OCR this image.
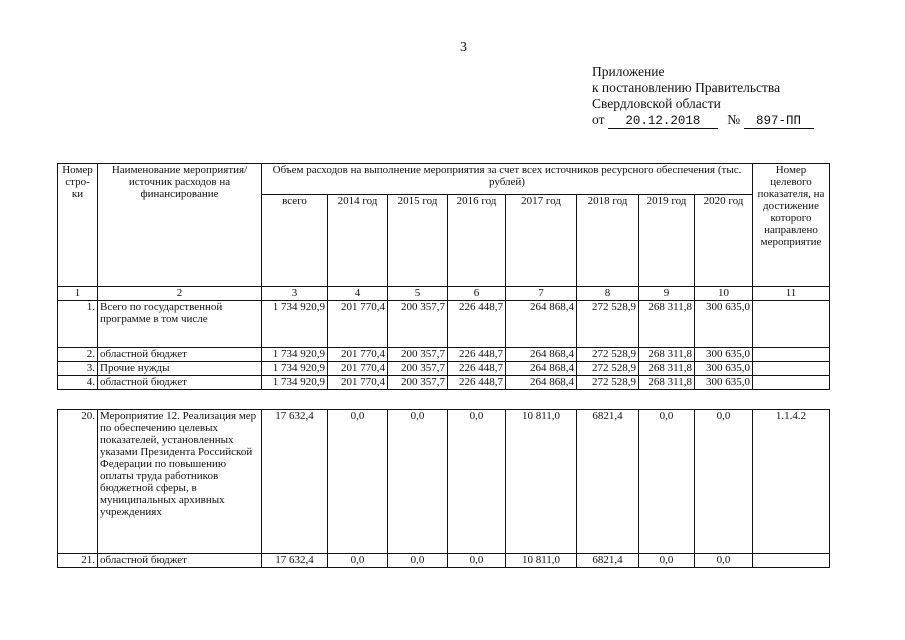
3
Приложение
к постановлению Правительства
Свердловской области
от 20.12.2018 № 897-ПП
Номер стро-ки	Наименование мероприятия/ источник расходов на финансирование	Объем расходов на выполнение мероприятия за счет всех источников ресурсного обеспечения (тыс. рублей)								Номер целевого показателя, на достижение которого направлено мероприятие
		всего	2014 год	2015 год	2016 год	2017 год	2018 год	2019 год	2020 год	
1	2	3	4	5	6	7	8	9	10	11
1.	Всего по государственной программе в том числе	1 734 920,9	201 770,4	200 357,7	226 448,7	264 868,4	272 528,9	268 311,8	300 635,0	
2.	областной бюджет	1 734 920,9	201 770,4	200 357,7	226 448,7	264 868,4	272 528,9	268 311,8	300 635,0	
3.	Прочие нужды	1 734 920,9	201 770,4	200 357,7	226 448,7	264 868,4	272 528,9	268 311,8	300 635,0	
4.	областной бюджет	1 734 920,9	201 770,4	200 357,7	226 448,7	264 868,4	272 528,9	268 311,8	300 635,0	
20.	Мероприятие 12. Реализация мер по обеспечению целевых показателей, установленных указами Президента Российской Федерации по повышению оплаты труда работников бюджетной сферы, в муниципальных архивных учреждениях	17 632,4	0,0	0,0	0,0	10 811,0	6821,4	0,0	0,0	1.1.4.2
21.	областной бюджет	17 632,4	0,0	0,0	0,0	10 811,0	6821,4	0,0	0,0	
